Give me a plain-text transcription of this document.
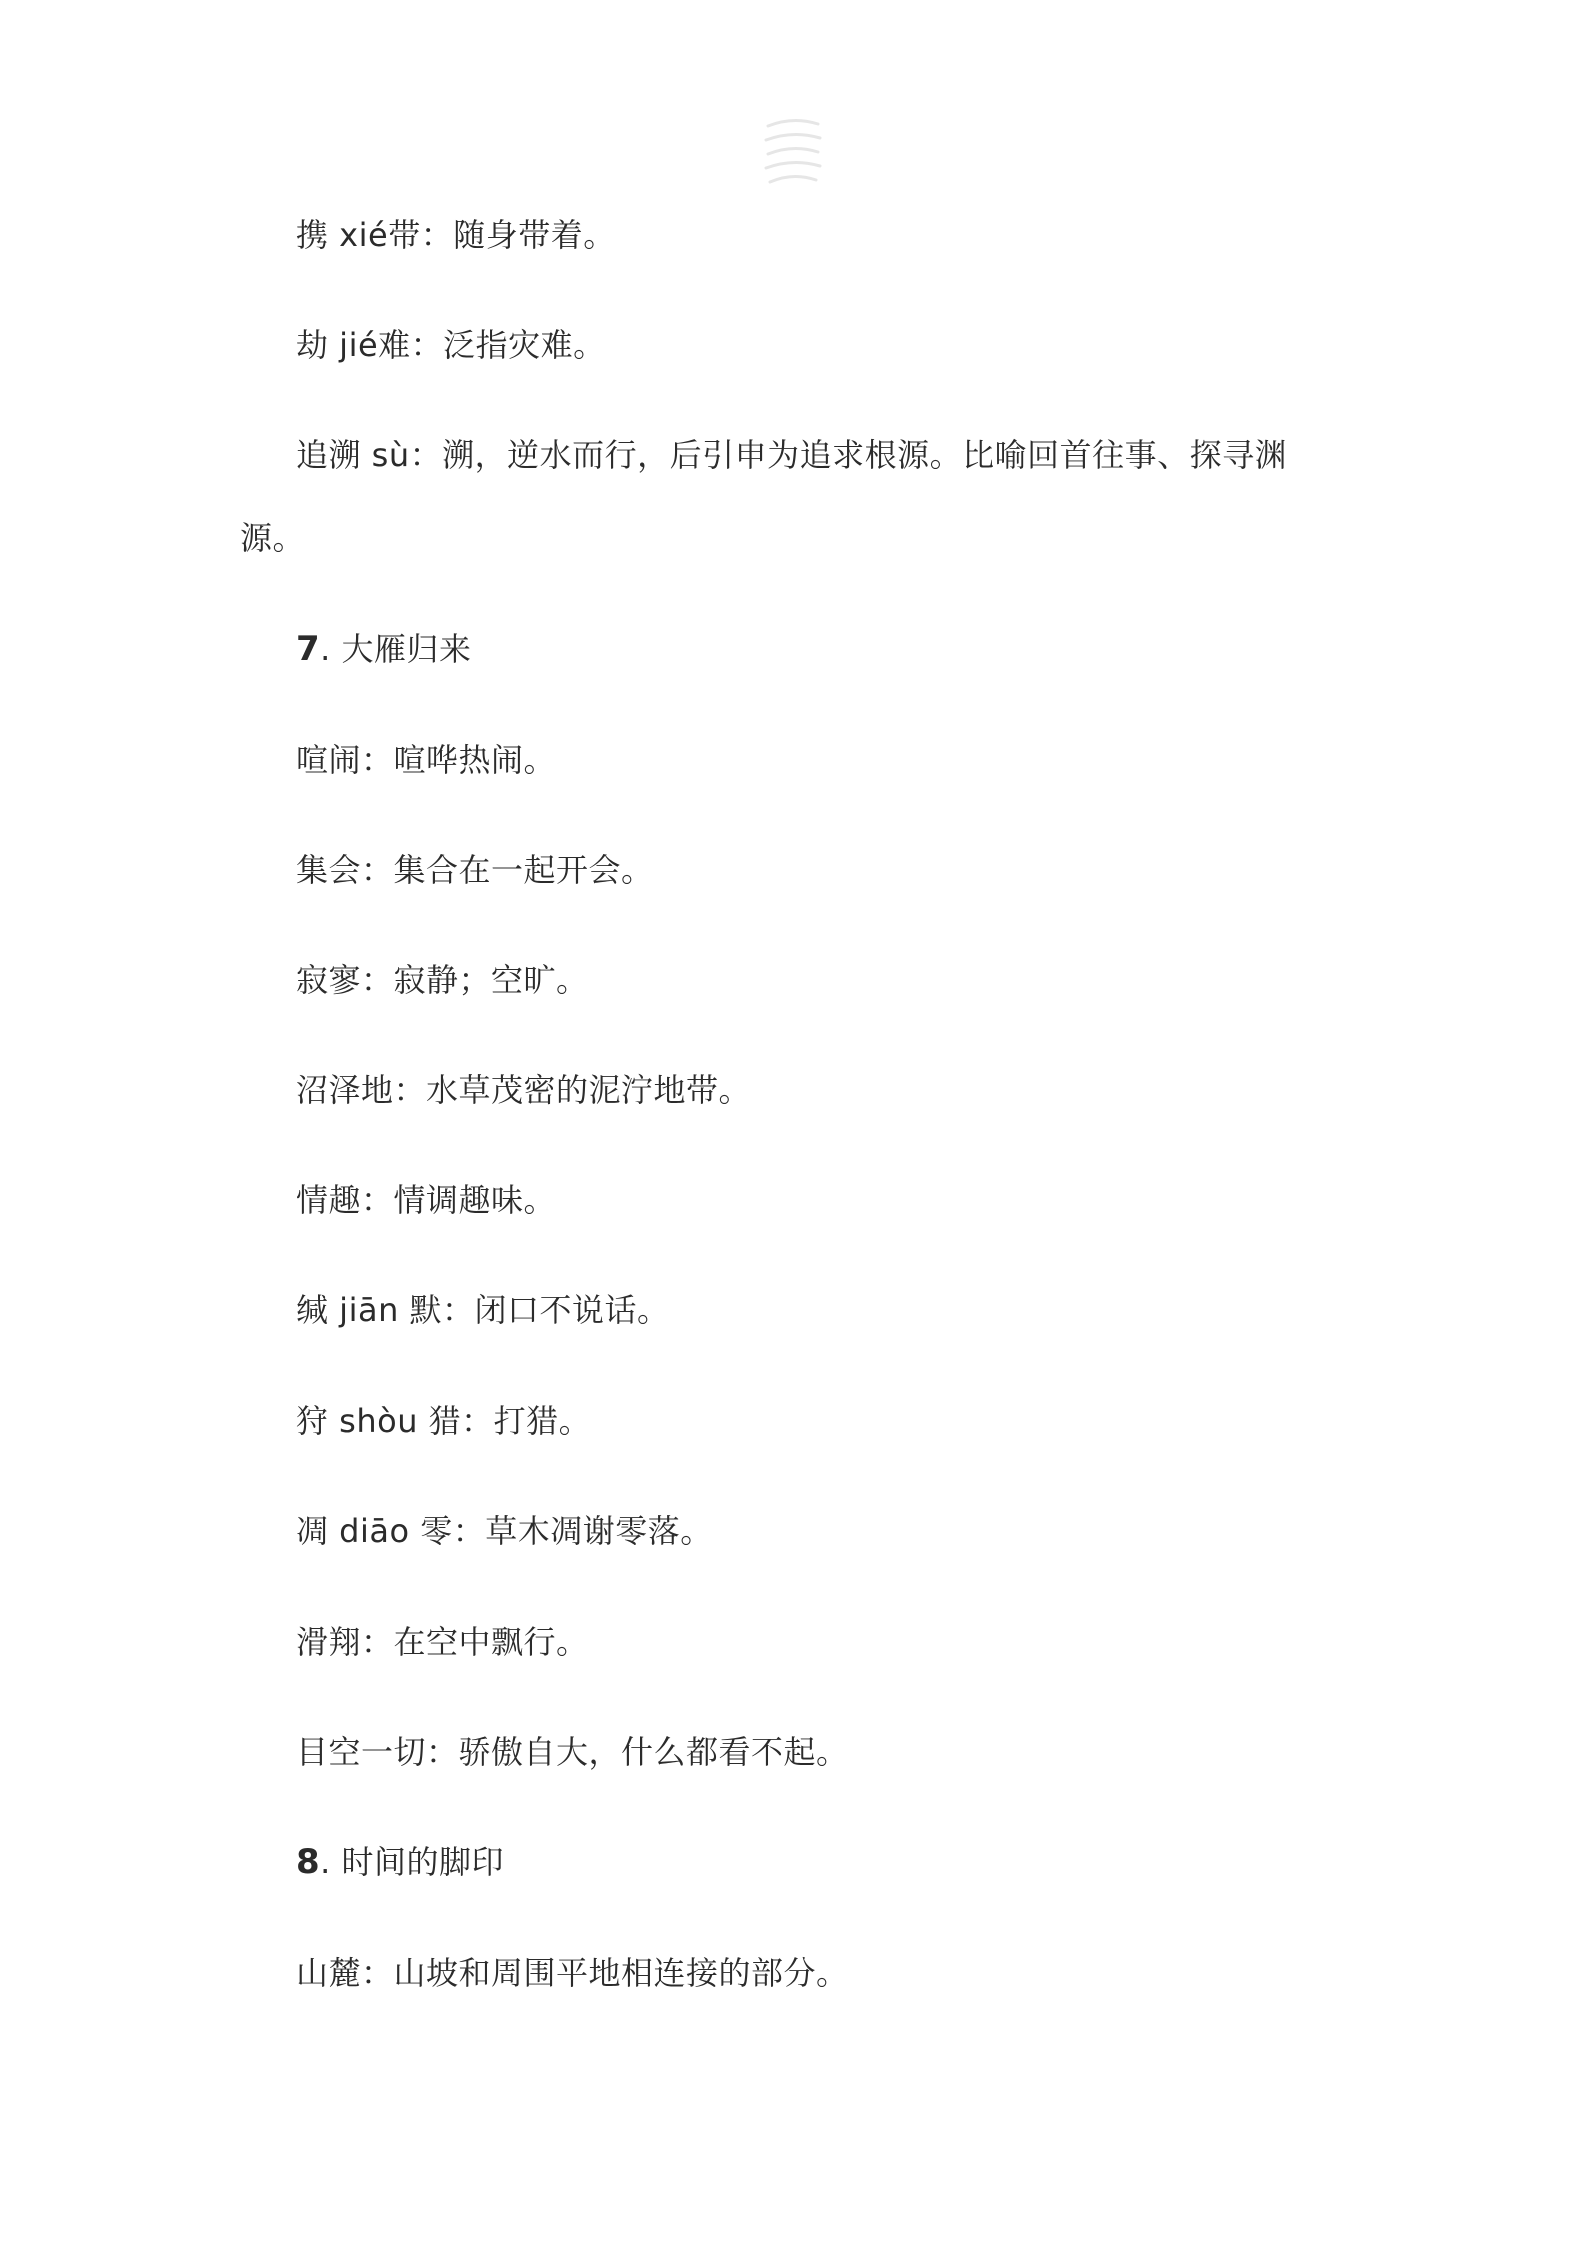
携 xié带：随身带着。
劫 jié难：泛指灾难。
追溯 sù：溯，逆水而行，后引申为追求根源。比喻回首往事、探寻渊
源。
7. 大雁归来
喧闹：喧哗热闹。
集会：集合在一起开会。
寂寥：寂静；空旷。
沼泽地：水草茂密的泥泞地带。
情趣：情调趣味。
缄 jiān 默：闭口不说话。
狩 shòu 猎：打猎。
凋 diāo 零：草木凋谢零落。
滑翔：在空中飘行。
目空一切：骄傲自大，什么都看不起。
8. 时间的脚印
山麓：山坡和周围平地相连接的部分。
